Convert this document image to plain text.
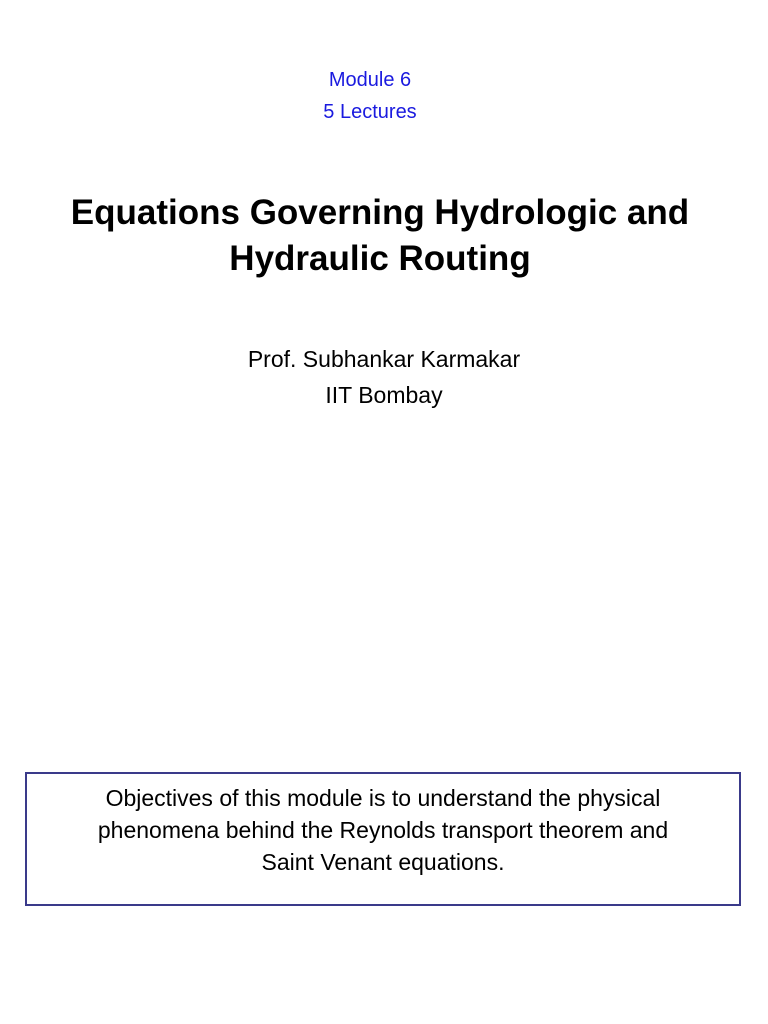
Module 6
5 Lectures
Equations Governing Hydrologic and
Hydraulic Routing
Prof. Subhankar Karmakar
IIT Bombay

Objectives of this module is to understand the physical
phenomena behind the Reynolds transport theorem and
Saint Venant equations.
